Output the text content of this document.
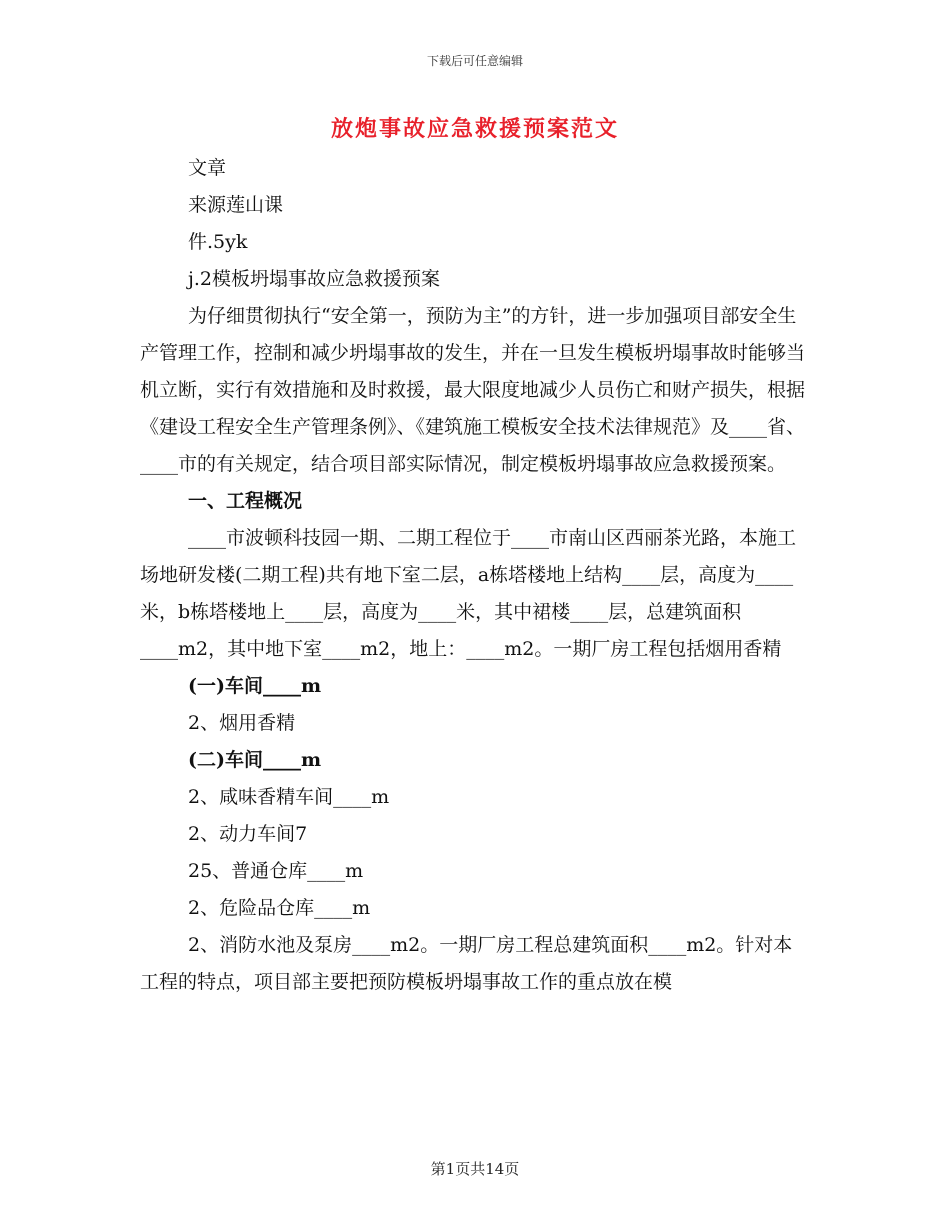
下载后可任意编辑
放炮事故应急救援预案范文

文章

来源莲山课

件.5yk

j.2模板坍塌事故应急救援预案

为仔细贯彻执行“安全第一，预防为主”的方针，进一步加强项目部安全生产管理工作，控制和减少坍塌事故的发生，并在一旦发生模板坍塌事故时能够当机立断，实行有效措施和及时救援，最大限度地减少人员伤亡和财产损失，根据《建设工程安全生产管理条例》、《建筑施工模板安全技术法律规范》及____省、____市的有关规定，结合项目部实际情况，制定模板坍塌事故应急救援预案。

一、工程概况

____市波顿科技园一期、二期工程位于____市南山区西丽茶光路，本施工场地研发楼(二期工程)共有地下室二层，a栋塔楼地上结构____层，高度为____米，b栋塔楼地上____层，高度为____米，其中裙楼____层，总建筑面积____m2，其中地下室____m2，地上：____m2。一期厂房工程包括烟用香精

(一)车间____m

2、烟用香精

(二)车间____m

2、咸味香精车间____m

2、动力车间7

25、普通仓库____m

2、危险品仓库____m

2、消防水池及泵房____m2。一期厂房工程总建筑面积____m2。针对本工程的特点，项目部主要把预防模板坍塌事故工作的重点放在模

第1页共14页
